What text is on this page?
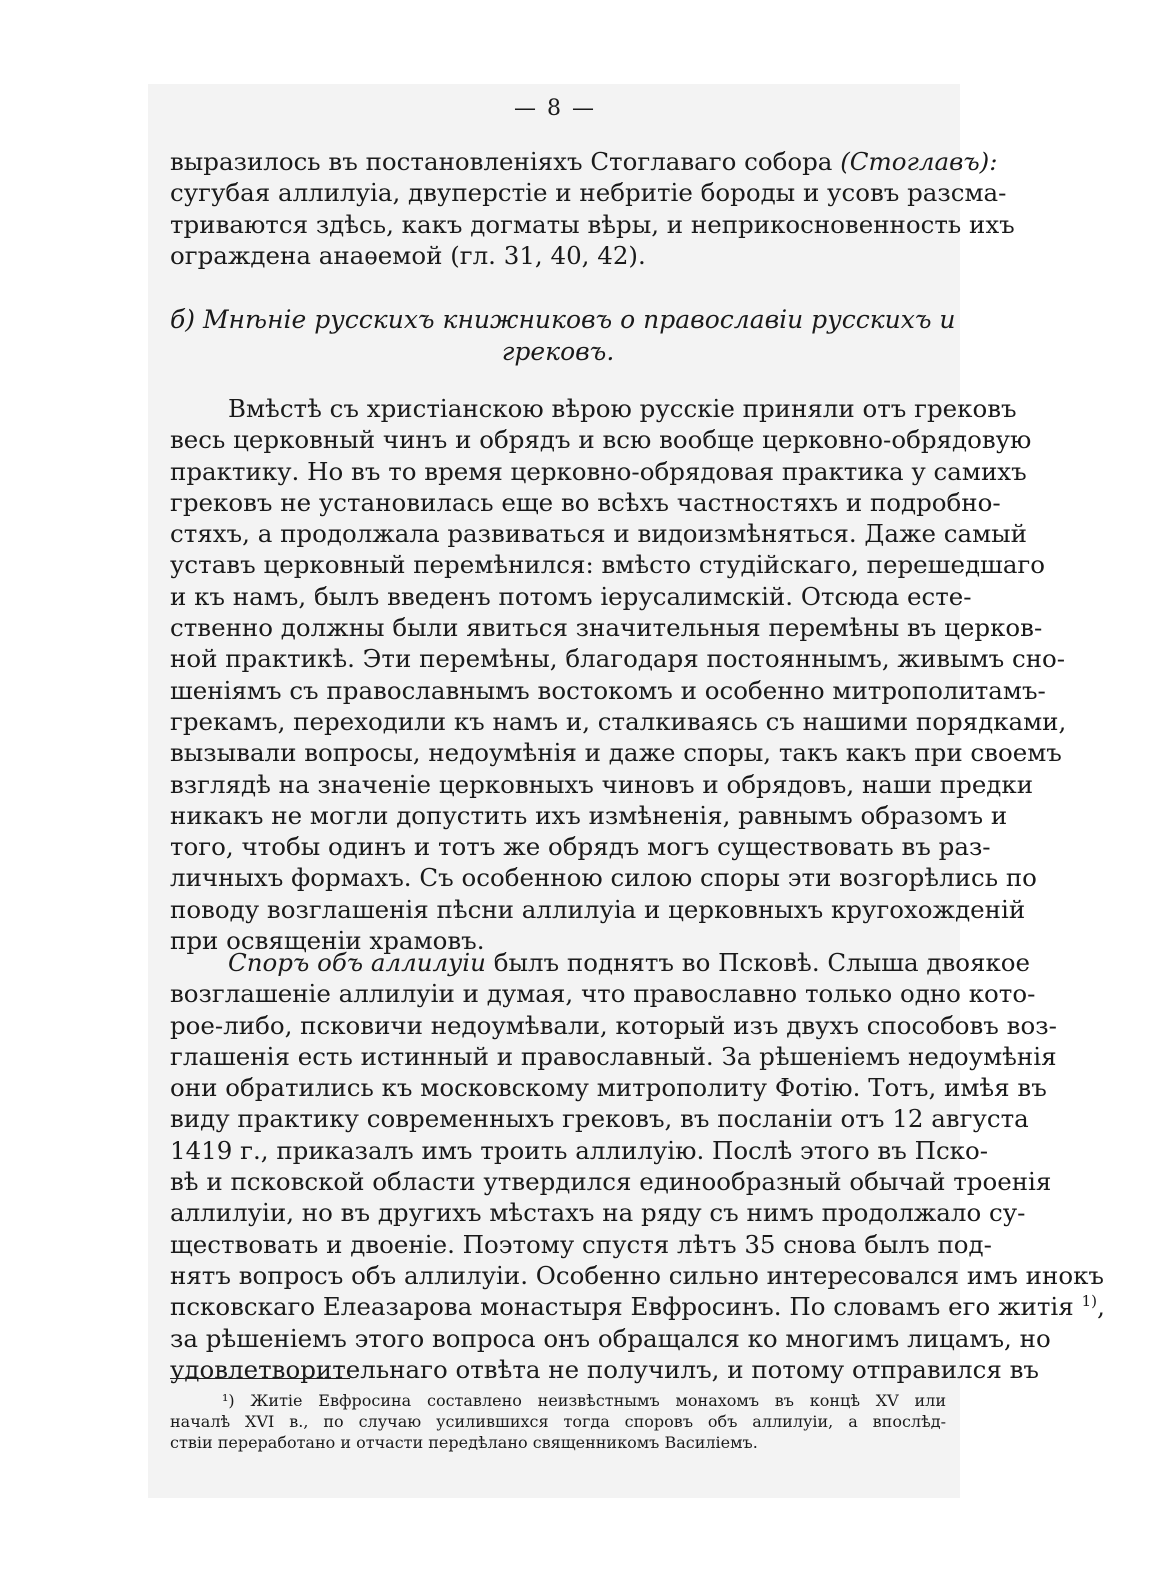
— 8 —
выразилось въ постановленіяхъ Стоглаваго собора (Стоглавъ):
сугубая аллилуіа, двуперстіе и небритіе бороды и усовъ разсма-
триваются здѣсь, какъ догматы вѣры, и неприкосновенность ихъ
ограждена анаѳемой (гл. 31, 40, 42).
б) Мнѣніе русскихъ книжниковъ о православіи русскихъ и
грековъ.
Вмѣстѣ съ христіанскою вѣрою русскіе приняли отъ грековъ
весь церковный чинъ и обрядъ и всю вообще церковно-обрядовую
практику. Но въ то время церковно-обрядовая практика у самихъ
грековъ не установилась еще во всѣхъ частностяхъ и подробно-
стяхъ, а продолжала развиваться и видоизмѣняться. Даже самый
уставъ церковный перемѣнился: вмѣсто студійскаго, перешедшаго
и къ намъ, былъ введенъ потомъ іерусалимскій. Отсюда есте-
ственно должны были явиться значительныя перемѣны въ церков-
ной практикѣ. Эти перемѣны, благодаря постояннымъ, живымъ сно-
шеніямъ съ православнымъ востокомъ и особенно митрополитамъ-
грекамъ, переходили къ намъ и, сталкиваясь съ нашими порядками,
вызывали вопросы, недоумѣнія и даже споры, такъ какъ при своемъ
взглядѣ на значеніе церковныхъ чиновъ и обрядовъ, наши предки
никакъ не могли допустить ихъ измѣненія, равнымъ образомъ и
того, чтобы одинъ и тотъ же обрядъ могъ существовать въ раз-
личныхъ формахъ. Съ особенною силою споры эти возгорѣлись по
поводу возглашенія пѣсни аллилуіа и церковныхъ кругохожденій
при освященіи храмовъ.
Споръ объ аллилуіи былъ поднятъ во Псковѣ. Слыша двоякое
возглашеніе аллилуіи и думая, что православно только одно кото-
рое-либо, псковичи недоумѣвали, который изъ двухъ способовъ воз-
глашенія есть истинный и православный. За рѣшеніемъ недоумѣнія
они обратились къ московскому митрополиту Фотію. Тотъ, имѣя въ
виду практику современныхъ грековъ, въ посланіи отъ 12 августа
1419 г., приказалъ имъ троить аллилуію. Послѣ этого въ Пско-
вѣ и псковской области утвердился единообразный обычай троенія
аллилуіи, но въ другихъ мѣстахъ на ряду съ нимъ продолжало су-
ществовать и двоеніе. Поэтому спустя лѣтъ 35 снова былъ под-
нятъ вопросъ объ аллилуіи. Особенно сильно интересовался имъ инокъ
псковскаго Елеазарова монастыря Евфросинъ. По словамъ его житія $^{1)}$,
за рѣшеніемъ этого вопроса онъ обращался ко многимъ лицамъ, но
удовлетворительнаго отвѣта не получилъ, и потому отправился въ
¹) Житіе Евфросина составлено неизвѣстнымъ монахомъ въ концѣ XV или
началѣ XVI в., по случаю усилившихся тогда споровъ объ аллилуіи, а впослѣд-
ствіи переработано и отчасти передѣлано священникомъ Василіемъ.
